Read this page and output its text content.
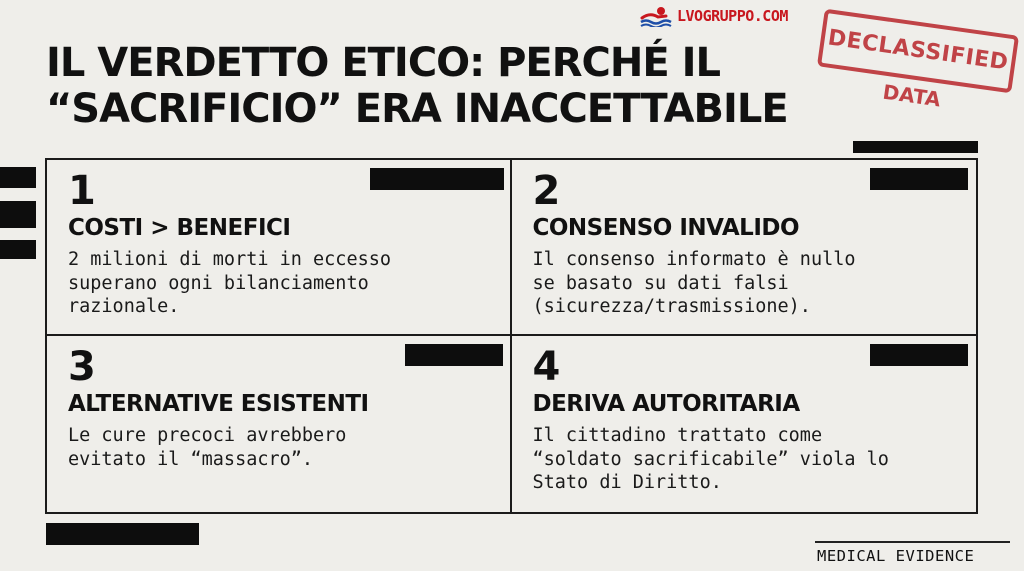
LVOGRUPPO.COM
IL VERDETTO ETICO: PERCHÉ IL
“SACRIFICIO” ERA INACCETTABILE
DECLASSIFIED
DATA
1
COSTI > BENEFICI
2 milioni di morti in eccesso
superano ogni bilanciamento
razionale.
2
CONSENSO INVALIDO
Il consenso informato è nullo
se basato su dati falsi
(sicurezza/trasmissione).
3
ALTERNATIVE ESISTENTI
Le cure precoci avrebbero
evitato il “massacro”.
4
DERIVA AUTORITARIA
Il cittadino trattato come
“soldato sacrificabile” viola lo
Stato di Diritto.
MEDICAL EVIDENCE
